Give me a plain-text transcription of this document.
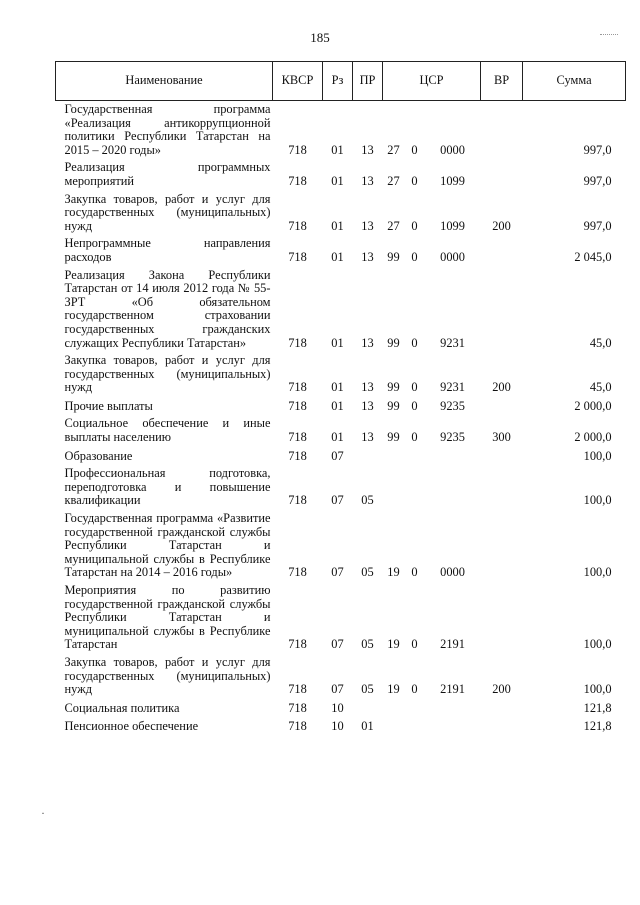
185
·
Наименование	КВСР	Рз	ПР	ЦСР			ВР	Сумма
Государственная программа «Реализация антикоррупционной политики Республики Татарстан на 2015 – 2020 годы»	718	01	13	27	0	0000		997,0
Реализация программных мероприятий	718	01	13	27	0	1099		997,0
Закупка товаров, работ и услуг для государственных (муниципальных) нужд	718	01	13	27	0	1099	200	997,0
Непрограммные направления расходов	718	01	13	99	0	0000		2 045,0
Реализация Закона Республики Татарстан от 14 июля 2012 года № 55-ЗРТ «Об обязательном государственном страховании государственных гражданских служащих Республики Татарстан»	718	01	13	99	0	9231		45,0
Закупка товаров, работ и услуг для государственных (муниципальных) нужд	718	01	13	99	0	9231	200	45,0
Прочие выплаты	718	01	13	99	0	9235		2 000,0
Социальное обеспечение и иные выплаты населению	718	01	13	99	0	9235	300	2 000,0
Образование	718	07						100,0
Профессиональная подготовка, переподготовка и повышение квалификации	718	07	05					100,0
Государственная программа «Развитие государственной гражданской службы Республики Татарстан и муниципальной службы в Республике Татарстан на 2014 – 2016 годы»	718	07	05	19	0	0000		100,0
Мероприятия по развитию государственной гражданской службы Республики Татарстан и муниципальной службы в Республике Татарстан	718	07	05	19	0	2191		100,0
Закупка товаров, работ и услуг для государственных (муниципальных) нужд	718	07	05	19	0	2191	200	100,0
Социальная политика	718	10						121,8
Пенсионное обеспечение	718	10	01					121,8
